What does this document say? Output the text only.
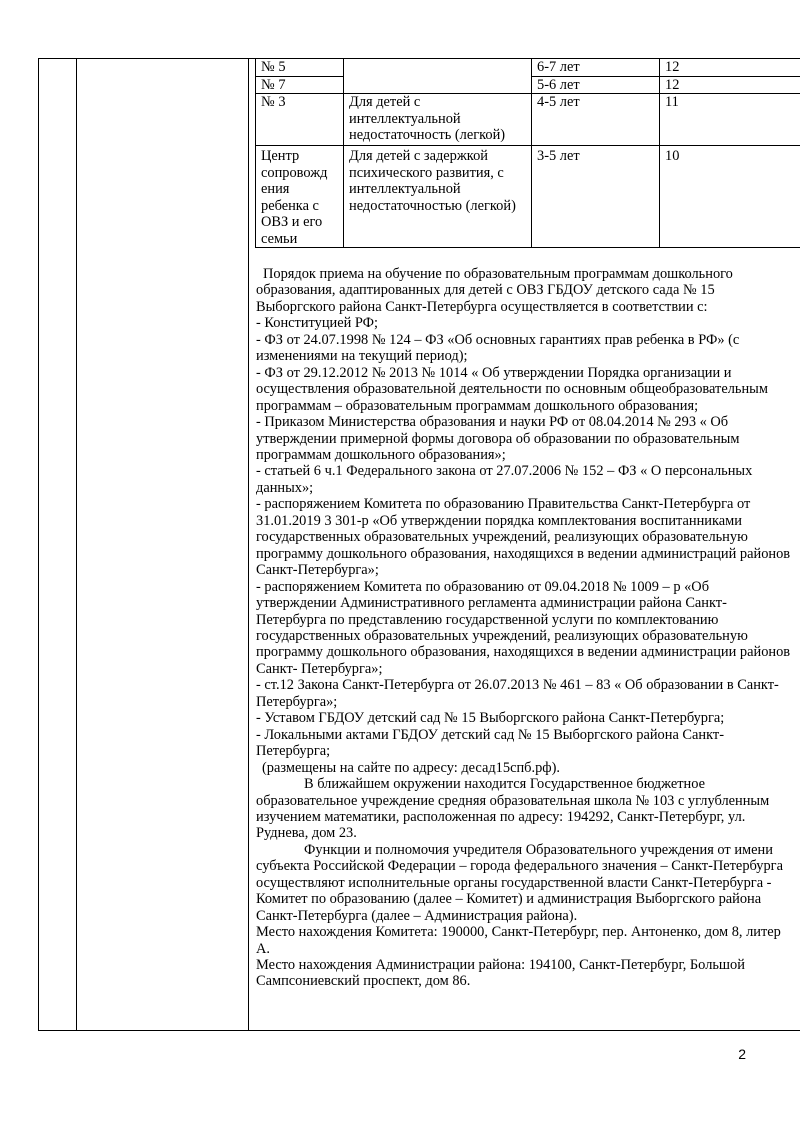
№ 5		6-7 лет	12
№ 7		5-6 лет	12
№ 3	Для детей с интеллектуальной недостаточность (легкой)	4-5 лет	11
Центр сопровожд ения ребенка с ОВЗ и его семьи	Для детей с задержкой психического развития, с интеллектуальной недостаточностью (легкой)	3-5 лет	10

Порядок приема на обучение по образовательным программам дошкольного образования, адаптированных для детей с ОВЗ ГБДОУ детского сада № 15 Выборгского района Санкт-Петербурга осуществляется в соответствии с:

- Конституцией РФ;

- ФЗ от 24.07.1998 № 124 – ФЗ «Об основных гарантиях прав ребенка в РФ» (с изменениями на текущий период);

- ФЗ от 29.12.2012 № 2013 № 1014 « Об утверждении Порядка организации и осуществления образовательной деятельности по основным общеобразовательным программам – образовательным программам дошкольного образования;

- Приказом Министерства образования и науки РФ от 08.04.2014 № 293 « Об утверждении примерной формы договора об образовании по образовательным программам дошкольного образования»;

- статьей 6 ч.1 Федерального закона от 27.07.2006 № 152 – ФЗ « О персональных данных»;

- распоряжением Комитета по образованию Правительства Санкт-Петербурга от 31.01.2019 3 301-р «Об утверждении порядка комплектования воспитанниками государственных образовательных учреждений, реализующих образовательную программу дошкольного образования, находящихся в ведении администраций районов Санкт-Петербурга»;

- распоряжением Комитета по образованию от 09.04.2018 № 1009 – р «Об утверждении Административного регламента администрации района Санкт-Петербурга по представлению государственной услуги по комплектованию государственных образовательных учреждений, реализующих образовательную программу дошкольного образования, находящихся в ведении администрации районов Санкт- Петербурга»;

- ст.12 Закона Санкт-Петербурга от 26.07.2013 № 461 – 83 « Об образовании в Санкт-Петербурга»;

- Уставом ГБДОУ детский сад № 15 Выборгского района Санкт-Петербурга;

- Локальными актами ГБДОУ детский сад № 15 Выборгского района Санкт-Петербурга;

(размещены на сайте по адресу: десад15спб.рф).

В ближайшем окружении находится Государственное бюджетное образовательное учреждение средняя образовательная школа № 103 с углубленным изучением математики, расположенная по адресу: 194292, Санкт-Петербург, ул. Руднева, дом 23.

Функции и полномочия учредителя Образовательного учреждения от имени субъекта Российской Федерации – города федерального значения – Санкт-Петербурга осуществляют исполнительные органы государственной власти Санкт-Петербурга - Комитет по образованию (далее – Комитет) и администрация Выборгского района Санкт-Петербурга (далее – Администрация района).

Место нахождения Комитета: 190000, Санкт-Петербург, пер. Антоненко, дом 8, литер А.

Место нахождения Администрации района: 194100, Санкт-Петербург, Большой Сампсониевский проспект, дом 86.

2
